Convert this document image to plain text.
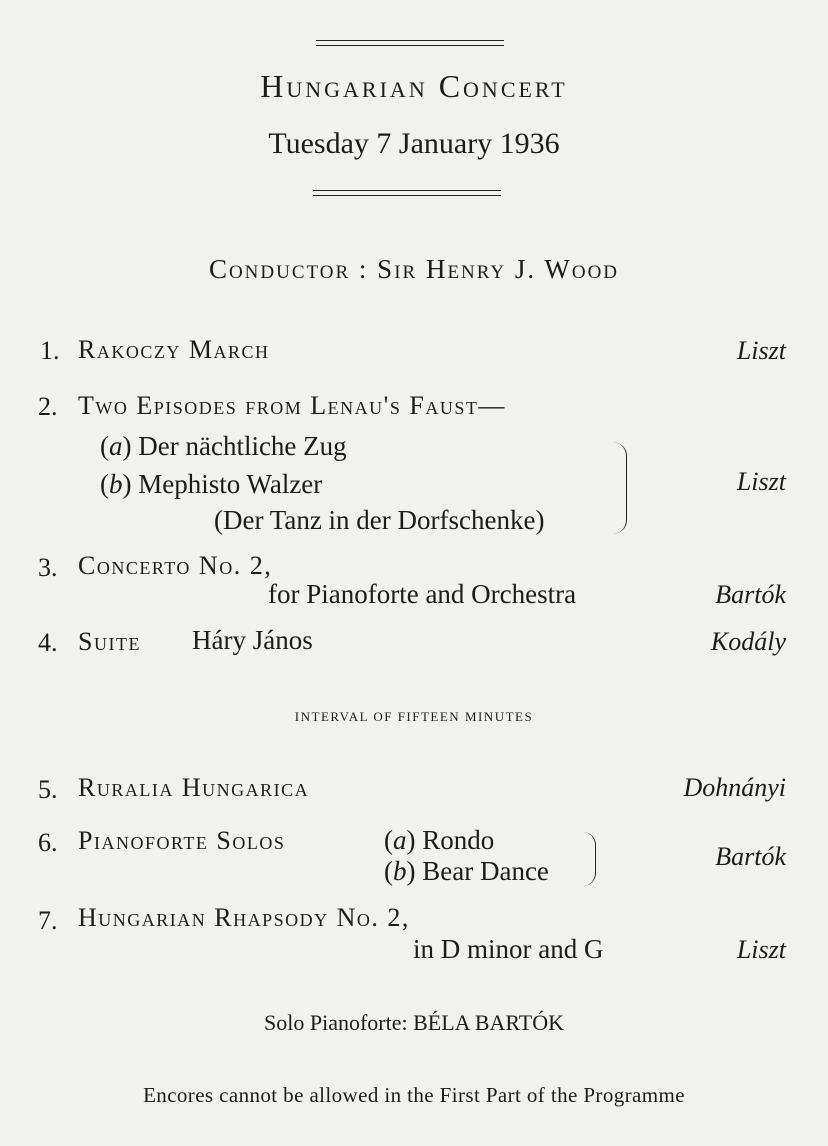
Hungarian Concert
Tuesday 7 January 1936
Conductor : Sir Henry J. Wood
1. Rakoczy March	Liszt
2. Two Episodes from Lenau's Faust—
(a) Der nächtliche Zug
(b) Mephisto Walzer
(Der Tanz in der Dorfschenke)
Liszt
3. Concerto No. 2,
for Pianoforte and Orchestra	Bartók
4. Suite Háry János	Kodály
INTERVAL OF FIFTEEN MINUTES
5. Ruralia Hungarica	Dohnányi
6. Pianoforte Solos	(a) Rondo
(b) Bear Dance	Bartók
7. Hungarian Rhapsody No. 2,
in D minor and G	Liszt
Solo Pianoforte: BÉLA BARTÓK
Encores cannot be allowed in the First Part of the Programme
